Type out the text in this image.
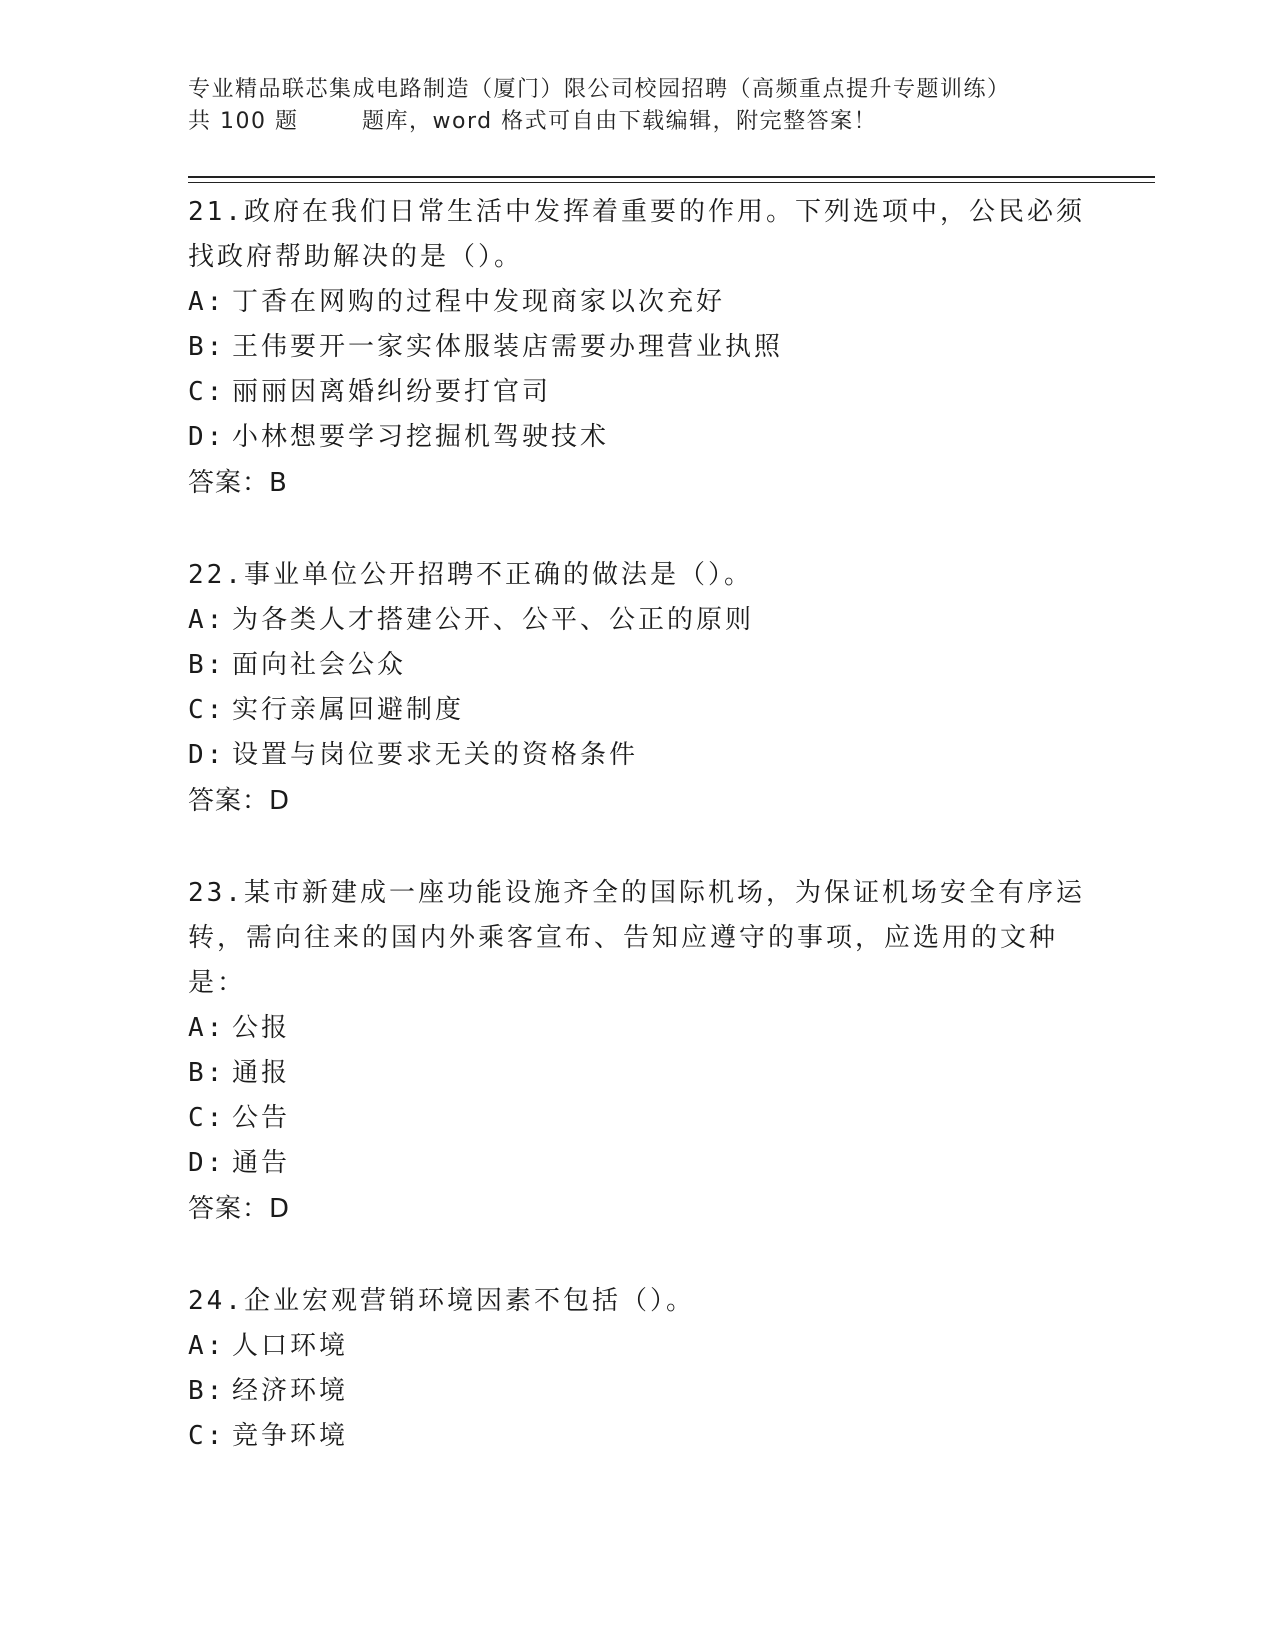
专业精品联芯集成电路制造（厦门）限公司校园招聘（高频重点提升专题训练）
共 100 题	题库，word 格式可自由下载编辑，附完整答案！
21.政府在我们日常生活中发挥着重要的作用。下列选项中，公民必须
找政府帮助解决的是（）。
A: 丁香在网购的过程中发现商家以次充好
B: 王伟要开一家实体服装店需要办理营业执照
C: 丽丽因离婚纠纷要打官司
D: 小林想要学习挖掘机驾驶技术
答案：B
22.事业单位公开招聘不正确的做法是（）。
A: 为各类人才搭建公开、公平、公正的原则
B: 面向社会公众
C: 实行亲属回避制度
D: 设置与岗位要求无关的资格条件
答案：D
23.某市新建成一座功能设施齐全的国际机场，为保证机场安全有序运
转，需向往来的国内外乘客宣布、告知应遵守的事项，应选用的文种
是：
A: 公报
B: 通报
C: 公告
D: 通告
答案：D
24.企业宏观营销环境因素不包括（）。
A: 人口环境
B: 经济环境
C: 竞争环境
